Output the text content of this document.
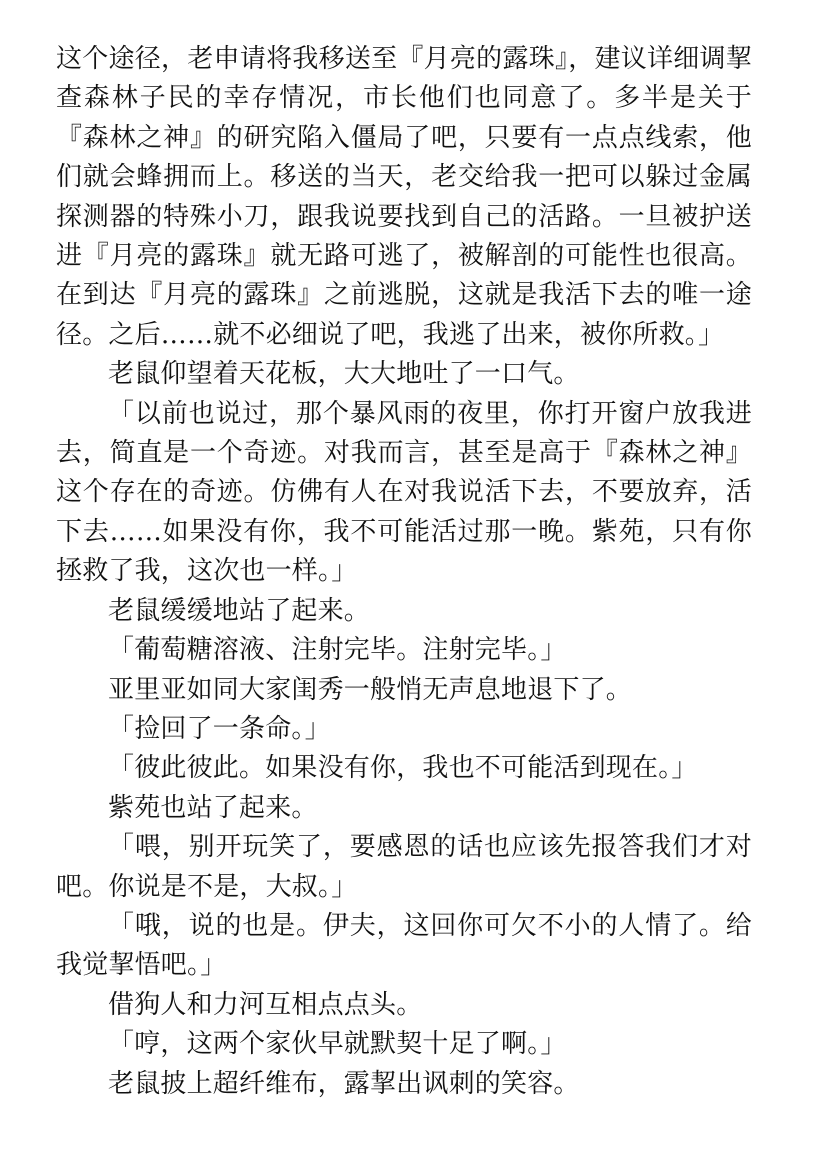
这个途径，老申请将我移送至『月亮的露珠』，建议详细调挈查森林子民的幸存情况，市长他们也同意了。多半是关于『森林之神』的研究陷入僵局了吧，只要有一点点线索，他们就会蜂拥而上。移送的当天，老交给我一把可以躲过金属探测器的特殊小刀，跟我说要找到自己的活路。一旦被护送进『月亮的露珠』就无路可逃了，被解剖的可能性也很高。在到达『月亮的露珠』之前逃脱，这就是我活下去的唯一途径。之后……就不必细说了吧，我逃了出来，被你所救。」

老鼠仰望着天花板，大大地吐了一口气。

「以前也说过，那个暴风雨的夜里，你打开窗户放我进去，简直是一个奇迹。对我而言，甚至是高于『森林之神』这个存在的奇迹。仿佛有人在对我说活下去，不要放弃，活下去……如果没有你，我不可能活过那一晚。紫苑，只有你拯救了我，这次也一样。」

老鼠缓缓地站了起来。

「葡萄糖溶液、注射完毕。注射完毕。」

亚里亚如同大家闺秀一般悄无声息地退下了。

「捡回了一条命。」

「彼此彼此。如果没有你，我也不可能活到现在。」

紫苑也站了起来。

「喂，别开玩笑了，要感恩的话也应该先报答我们才对吧。你说是不是，大叔。」

「哦，说的也是。伊夫，这回你可欠不小的人情了。给我觉挈悟吧。」

借狗人和力河互相点点头。

「哼，这两个家伙早就默契十足了啊。」

老鼠披上超纤维布，露挈出讽刺的笑容。
